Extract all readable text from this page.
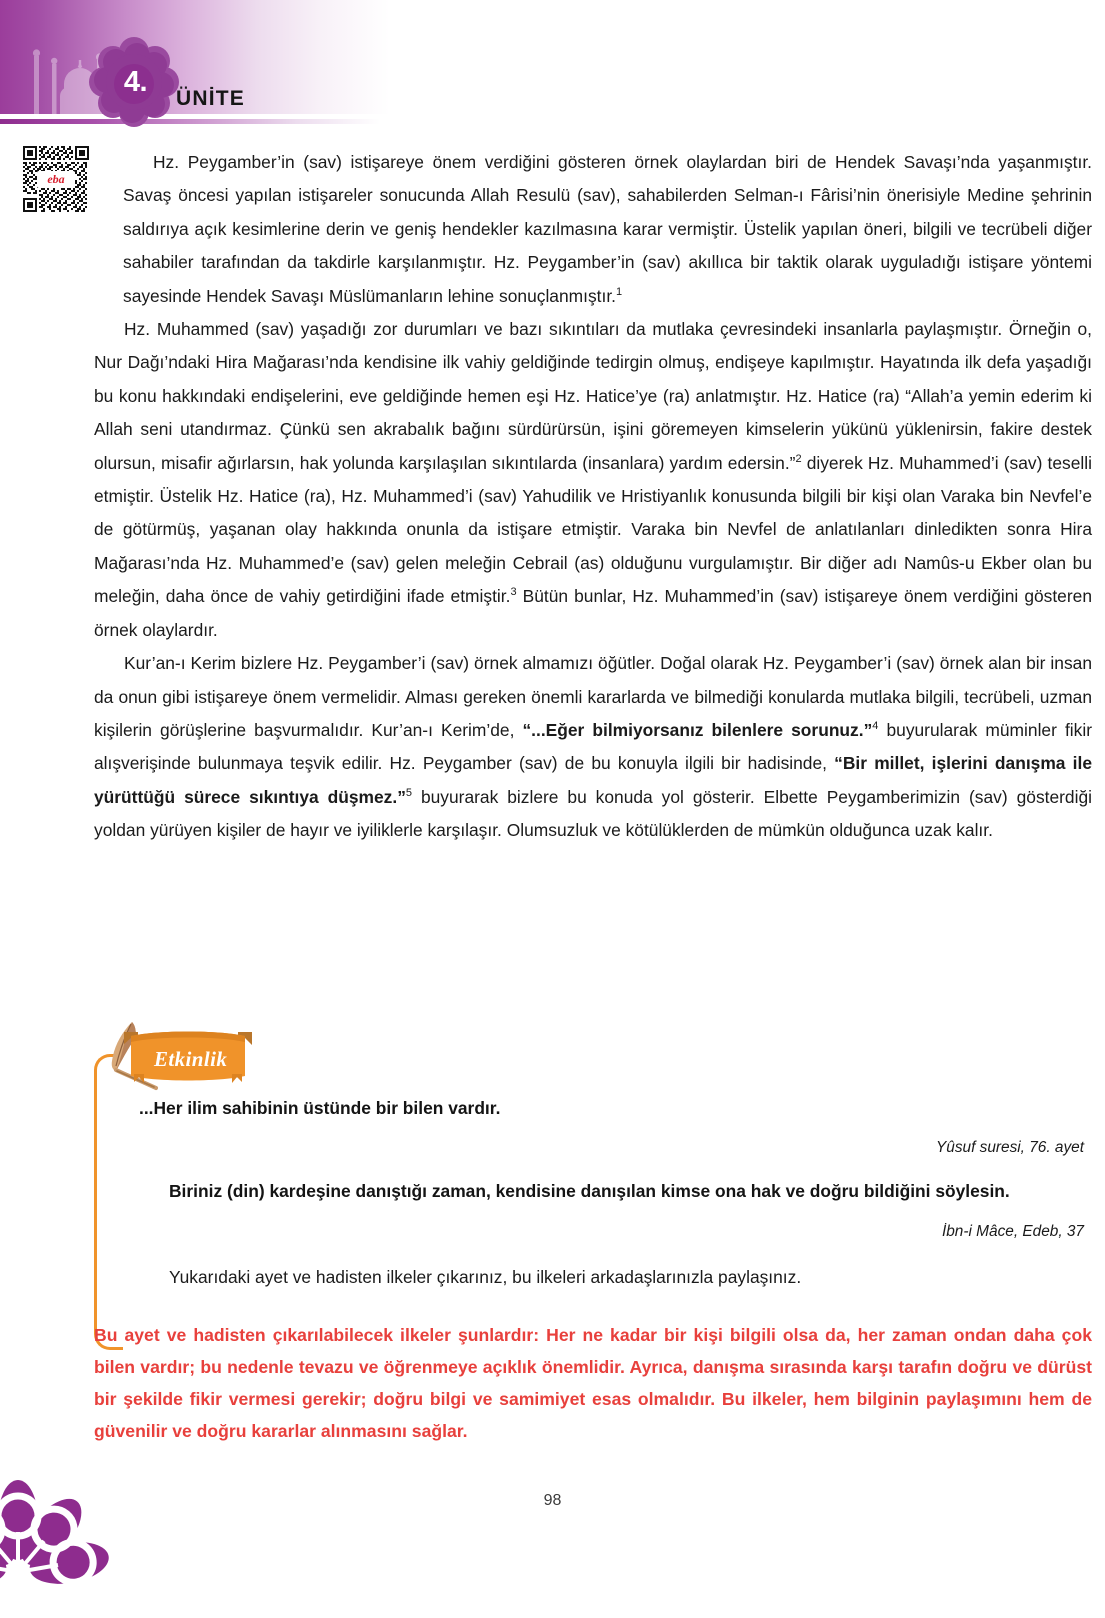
4.
ÜNİTE
eba

Hz. Peygamber’in (sav) istişareye önem verdiğini gösteren örnek olaylardan biri de Hendek Savaşı’nda yaşanmıştır. Savaş öncesi yapılan istişareler sonucunda Allah Resulü (sav), sahabilerden Selman-ı Fârisi’nin önerisiyle Medine şehrinin saldırıya açık kesimlerine derin ve geniş hendekler kazılmasına karar vermiştir. Üstelik yapılan öneri, bilgili ve tecrübeli diğer sahabiler tarafından da takdirle karşılanmıştır. Hz. Peygamber’in (sav) akıllıca bir taktik olarak uyguladığı istişare yöntemi sayesinde Hendek Savaşı Müslümanların lehine sonuçlanmıştır.$^1$

Hz. Muhammed (sav) yaşadığı zor durumları ve bazı sıkıntıları da mutlaka çevresindeki insanlarla paylaşmıştır. Örneğin o, Nur Dağı’ndaki Hira Mağarası’nda kendisine ilk vahiy geldiğinde tedirgin olmuş, endişeye kapılmıştır. Hayatında ilk defa yaşadığı bu konu hakkındaki endişelerini, eve geldiğinde hemen eşi Hz. Hatice’ye (ra) anlatmıştır. Hz. Hatice (ra) “Allah’a yemin ederim ki Allah seni utandırmaz. Çünkü sen akrabalık bağını sürdürürsün, işini göremeyen kimselerin yükünü yüklenirsin, fakire destek olursun, misafir ağırlarsın, hak yolunda karşılaşılan sıkıntılarda (insanlara) yardım edersin.”$^2$ diyerek Hz. Muhammed’i (sav) teselli etmiştir. Üstelik Hz. Hatice (ra), Hz. Muhammed’i (sav) Yahudilik ve Hristiyanlık konusunda bilgili bir kişi olan Varaka bin Nevfel’e de götürmüş, yaşanan olay hakkında onunla da istişare etmiştir. Varaka bin Nevfel de anlatılanları dinledikten sonra Hira Mağarası’nda Hz. Muhammed’e (sav) gelen meleğin Cebrail (as) olduğunu vurgulamıştır. Bir diğer adı Namûs-u Ekber olan bu meleğin, daha önce de vahiy getirdiğini ifade etmiştir.$^3$ Bütün bunlar, Hz. Muhammed’in (sav) istişareye önem verdiğini gösteren örnek olaylardır.

Kur’an-ı Kerim bizlere Hz. Peygamber’i (sav) örnek almamızı öğütler. Doğal olarak Hz. Peygamber’i (sav) örnek alan bir insan da onun gibi istişareye önem vermelidir. Alması gereken önemli kararlarda ve bilmediği konularda mutlaka bilgili, tecrübeli, uzman kişilerin görüşlerine başvurmalıdır. Kur’an-ı Kerim’de, “...Eğer bilmiyorsanız bilenlere sorunuz.”$^4$ buyurularak müminler fikir alışverişinde bulunmaya teşvik edilir. Hz. Peygamber (sav) de bu konuyla ilgili bir hadisinde, “Bir millet, işlerini danışma ile yürüttüğü sürece sıkıntıya düşmez.”$^5$ buyurarak bizlere bu konuda yol gösterir. Elbette Peygamberimizin (sav) gösterdiği yoldan yürüyen kişiler de hayır ve iyiliklerle karşılaşır. Olumsuzluk ve kötülüklerden de mümkün olduğunca uzak kalır.

Etkinlik

...Her ilim sahibinin üstünde bir bilen vardır.

Yûsuf suresi, 76. ayet

Biriniz (din) kardeşine danıştığı zaman, kendisine danışılan kimse ona hak ve doğru bildiğini söylesin.

İbn-i Mâce, Edeb, 37

Yukarıdaki ayet ve hadisten ilkeler çıkarınız, bu ilkeleri arkadaşlarınızla paylaşınız.

Bu ayet ve hadisten çıkarılabilecek ilkeler şunlardır: Her ne kadar bir kişi bilgili olsa da, her zaman ondan daha çok bilen vardır; bu nedenle tevazu ve öğrenmeye açıklık önemlidir. Ayrıca, danışma sırasında karşı tarafın doğru ve dürüst bir şekilde fikir vermesi gerekir; doğru bilgi ve samimiyet esas olmalıdır. Bu ilkeler, hem bilginin paylaşımını hem de güvenilir ve doğru kararlar alınmasını sağlar.
98
